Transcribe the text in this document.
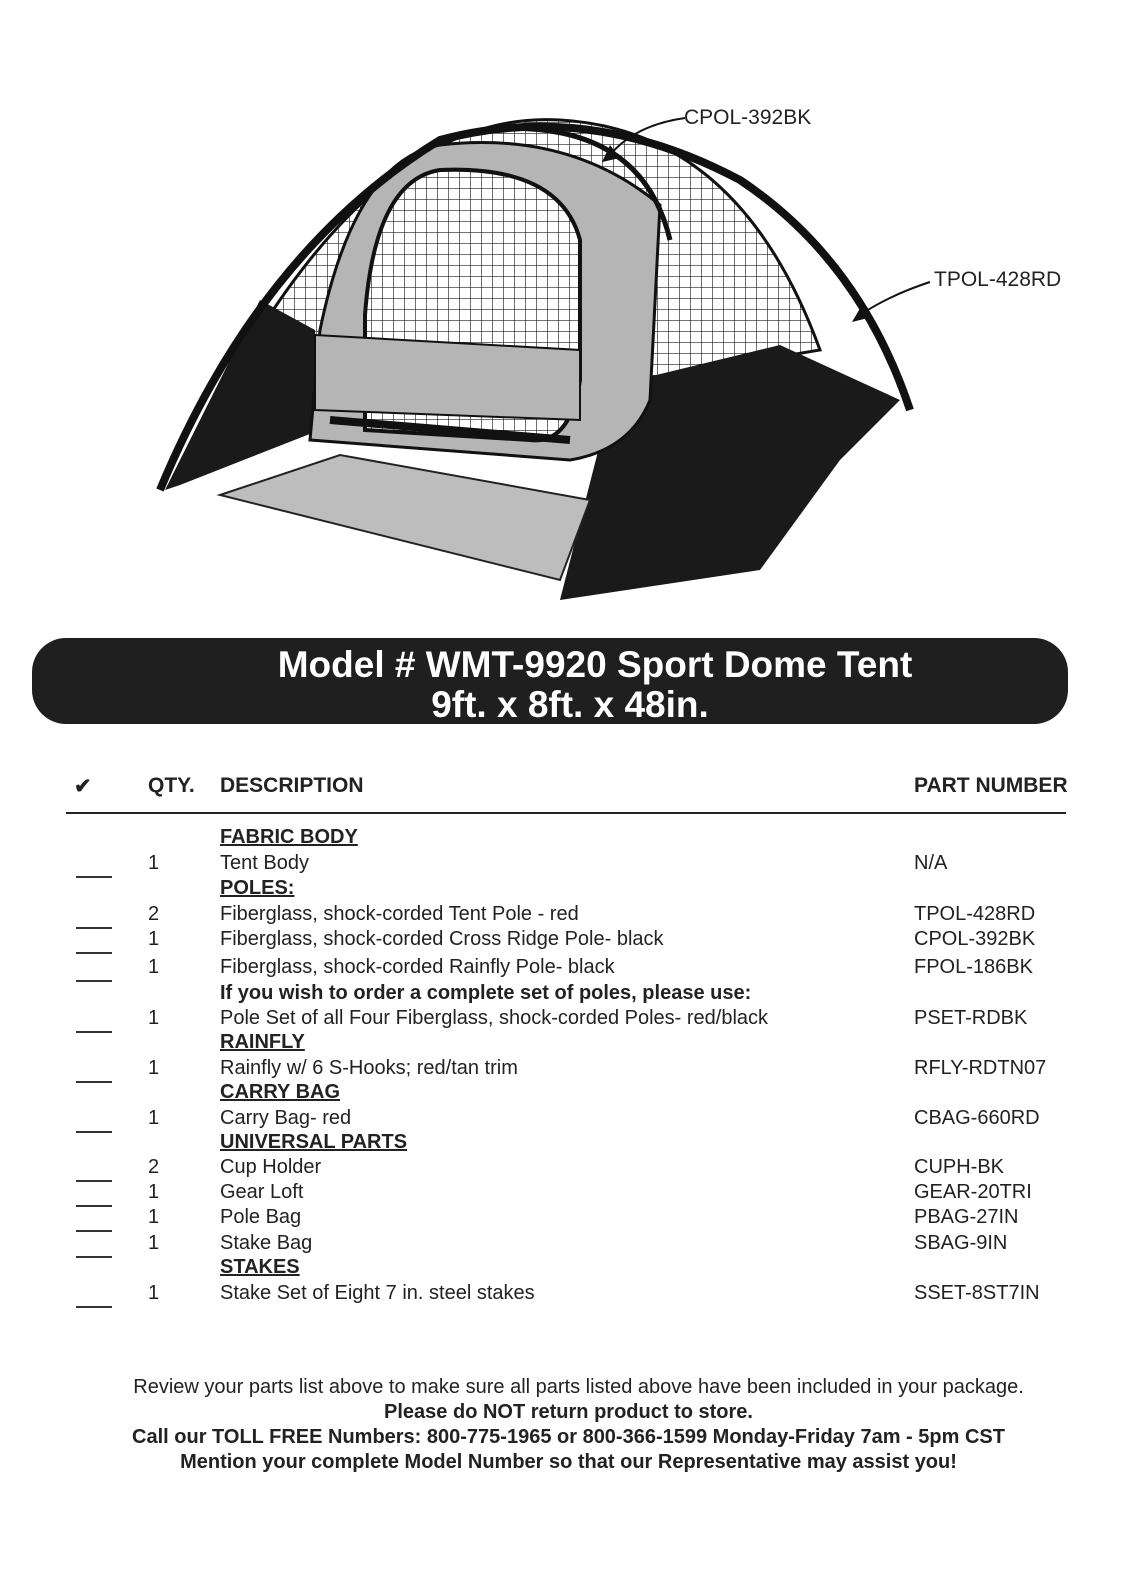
CPOL-392BK
TPOL-428RD
Model # WMT-9920 Sport Dome Tent
9ft. x 8ft. x 48in.
✔	QTY. DESCRIPTION	PART NUMBER
FABRIC BODY
1	Tent Body	N/A
POLES:
2	Fiberglass, shock-corded Tent Pole - red	TPOL-428RD
1	Fiberglass, shock-corded Cross Ridge Pole- black	CPOL-392BK
1	Fiberglass, shock-corded Rainfly Pole- black	FPOL-186BK
If you wish to order a complete set of poles, please use:
1	Pole Set of all Four Fiberglass, shock-corded Poles- red/black	PSET-RDBK
RAINFLY
1	Rainfly w/ 6 S-Hooks; red/tan trim	RFLY-RDTN07
CARRY BAG
1	Carry Bag- red	CBAG-660RD
UNIVERSAL PARTS
2	Cup Holder	CUPH-BK
1	Gear Loft	GEAR-20TRI
1	Pole Bag	PBAG-27IN
1	Stake Bag	SBAG-9IN
STAKES
1	Stake Set of Eight 7 in. steel stakes	SSET-8ST7IN
Review your parts list above to make sure all parts listed above have been included in your package.
Please do NOT return product to store.
Call our TOLL FREE Numbers: 800-775-1965 or 800-366-1599 Monday-Friday 7am - 5pm CST
Mention your complete Model Number so that our Representative may assist you!
